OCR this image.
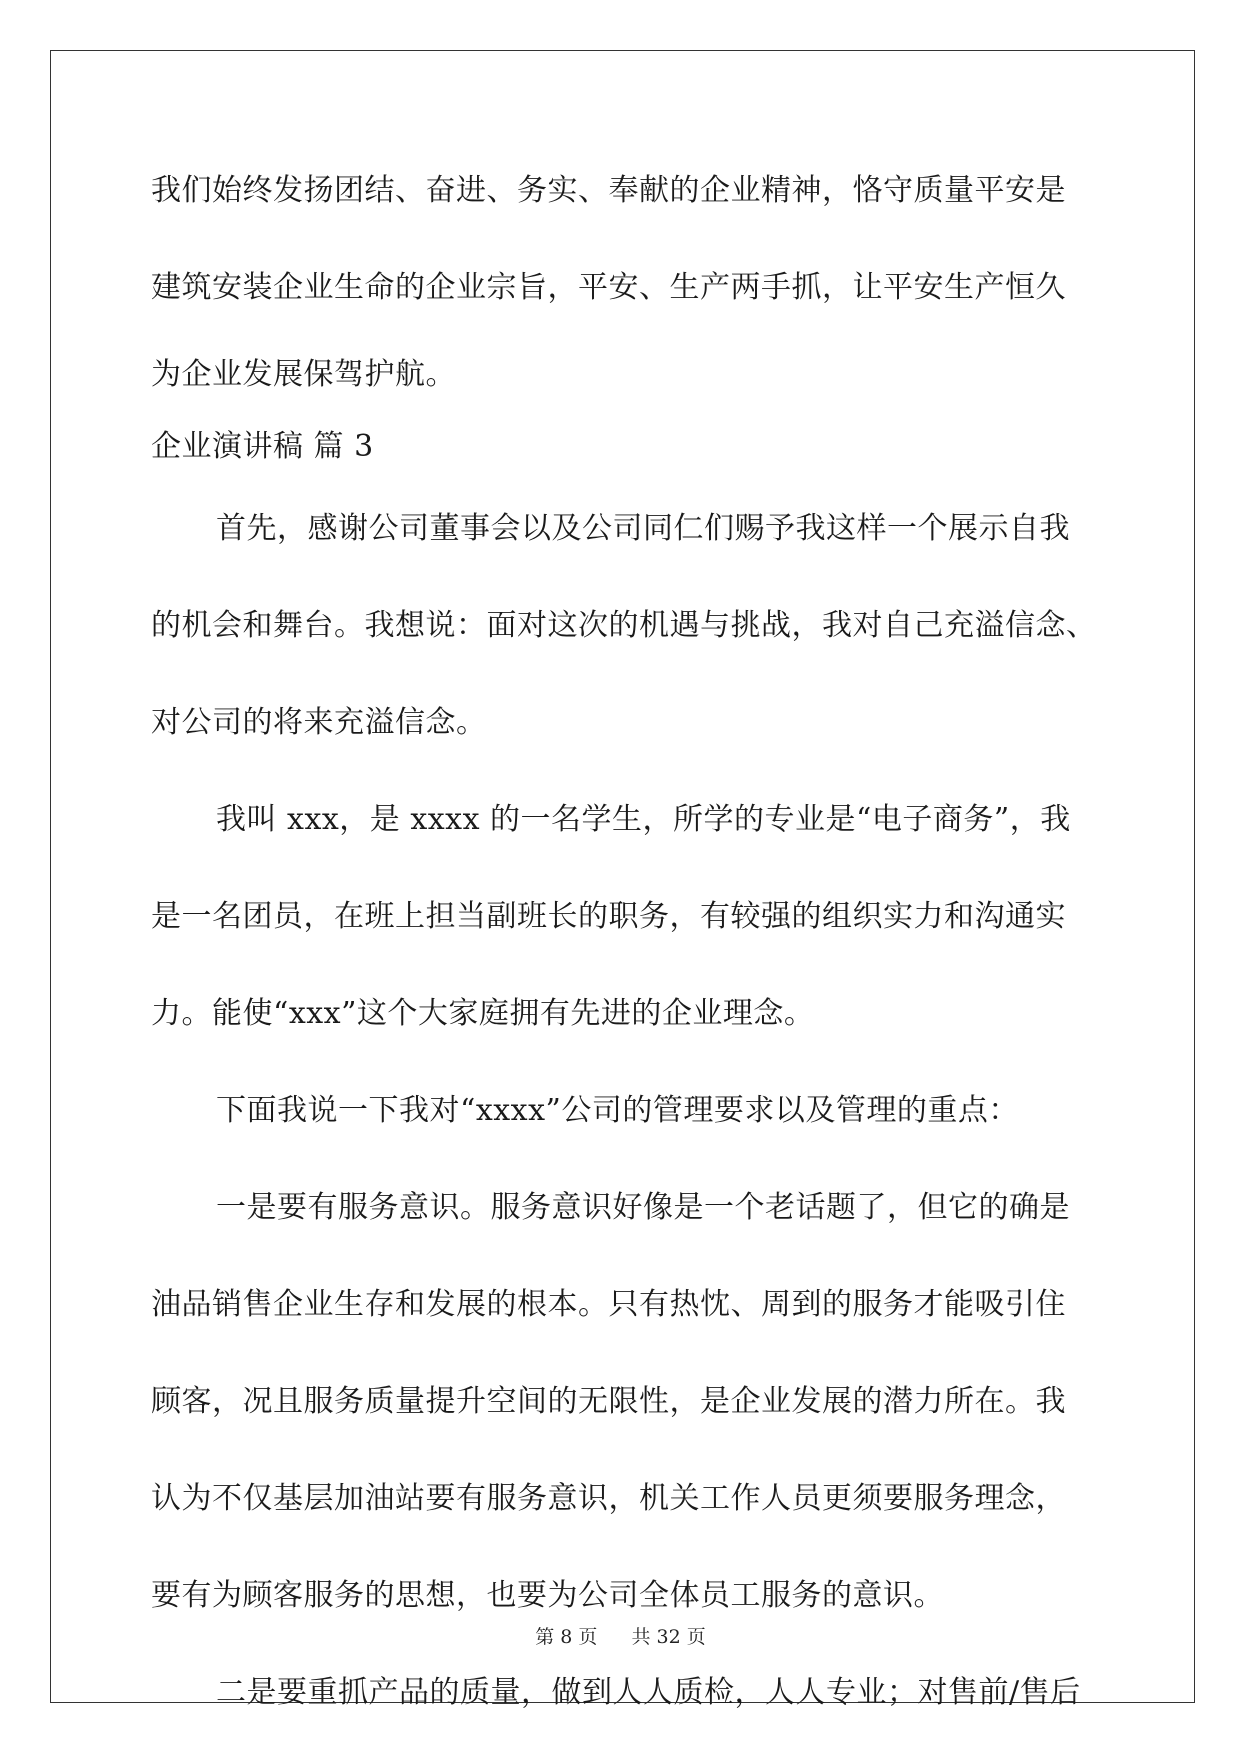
我们始终发扬团结、奋进、务实、奉献的企业精神，恪守质量平安是
建筑安装企业生命的企业宗旨，平安、生产两手抓，让平安生产恒久
为企业发展保驾护航。
企业演讲稿 篇 3
首先，感谢公司董事会以及公司同仁们赐予我这样一个展示自我
的机会和舞台。我想说：面对这次的机遇与挑战，我对自己充溢信念、
对公司的将来充溢信念。
我叫 xxx，是 xxxx 的一名学生，所学的专业是“电子商务”，我
是一名团员，在班上担当副班长的职务，有较强的组织实力和沟通实
力。能使“xxx”这个大家庭拥有先进的企业理念。
下面我说一下我对“xxxx”公司的管理要求以及管理的重点：
一是要有服务意识。服务意识好像是一个老话题了，但它的确是
油品销售企业生存和发展的根本。只有热忱、周到的服务才能吸引住
顾客，况且服务质量提升空间的无限性，是企业发展的潜力所在。我
认为不仅基层加油站要有服务意识，机关工作人员更须要服务理念，
要有为顾客服务的思想，也要为公司全体员工服务的意识。
二是要重抓产品的质量，做到人人质检，人人专业；对售前/售后
第 8 页 共 32 页
